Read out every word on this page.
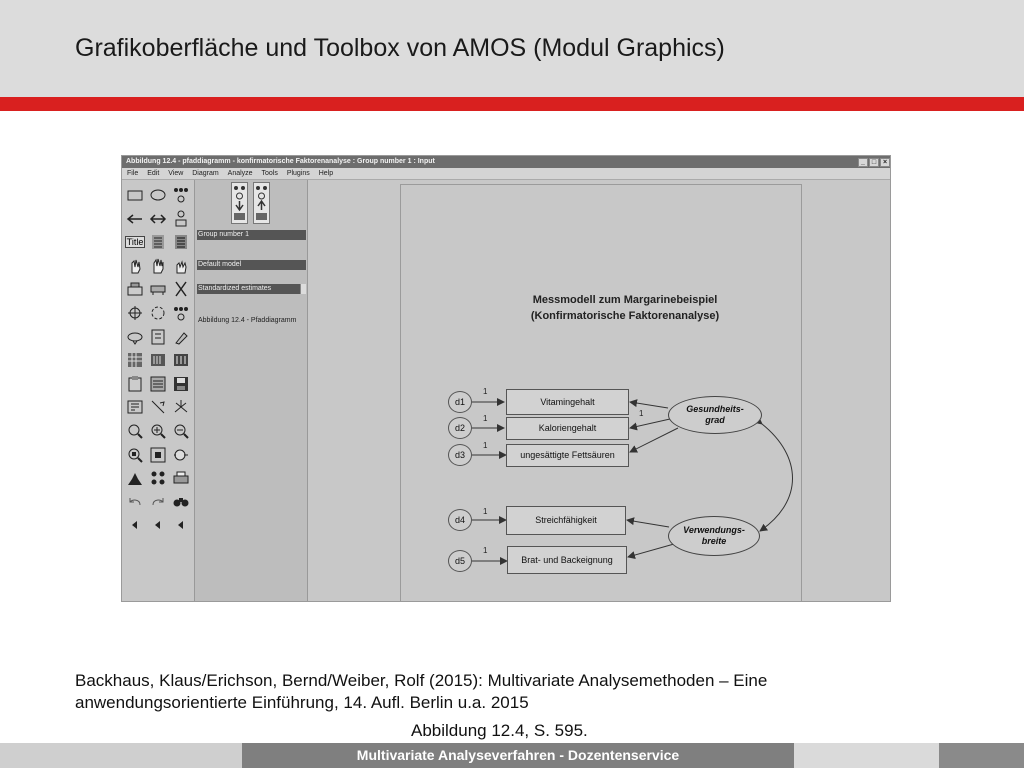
Grafikoberfläche und Toolbox von AMOS (Modul Graphics)
Abbildung 12.4 - pfaddiagramm - konfirmatorische Faktorenanalyse : Group number 1 : Input	_ □ ×
File Edit View Diagram Analyze Tools Plugins Help
Title
Group number 1
Default model
Standardized estimates
Abbildung 12.4 - Pfaddiagramm
Messmodell zum Margarinebeispiel
(Konfirmatorische Faktorenanalyse)
d1
d2
d3
d4
d5
1
1
1
1
1
1
Vitamingehalt
Kaloriengehalt
ungesättigte Fettsäuren
Streichfähigkeit
Brat- und Backeignung
Gesundheits-
grad
Verwendungs-
breite
Backhaus, Klaus/Erichson, Bernd/Weiber, Rolf (2015): Multivariate Analysemethoden – Eine
anwendungsorientierte Einführung, 14. Aufl. Berlin u.a. 2015
Abbildung 12.4, S. 595.
Multivariate Analyseverfahren - Dozentenservice
